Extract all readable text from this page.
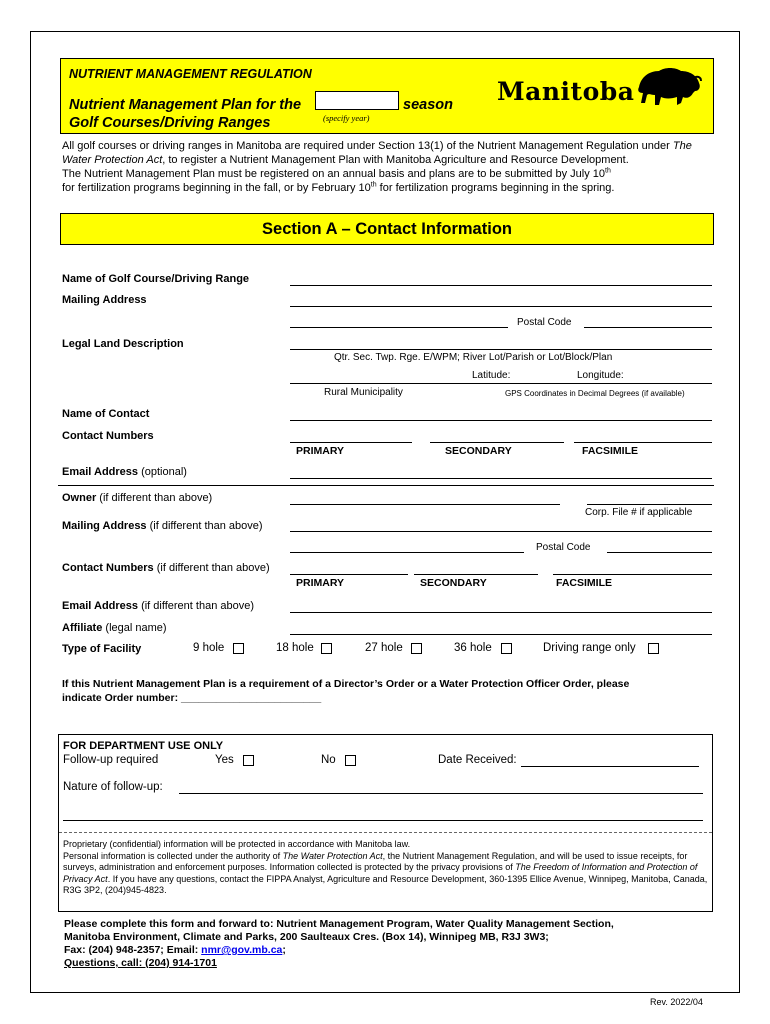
NUTRIENT MANAGEMENT REGULATION
Nutrient Management Plan for the	season
(specify year)
Golf Courses/Driving Ranges
Manitoba
All golf courses or driving ranges in Manitoba are required under Section 13(1) of the Nutrient Management Regulation under The Water Protection Act, to register a Nutrient Management Plan with Manitoba Agriculture and Resource Development.
The Nutrient Management Plan must be registered on an annual basis and plans are to be submitted by July 10th
for fertilization programs beginning in the fall, or by February 10th for fertilization programs beginning in the spring.
Section A – Contact Information
Name of Golf Course/Driving Range
Mailing Address
Postal Code
Legal Land Description
Qtr. Sec. Twp. Rge. E/WPM; River Lot/Parish or Lot/Block/Plan
Latitude:	Longitude:
Rural Municipality	GPS Coordinates in Decimal Degrees (if available)
Name of Contact
Contact Numbers
PRIMARY	SECONDARY	FACSIMILE
Email Address (optional)
Owner (if different than above)
Corp. File # if applicable
Mailing Address (if different than above)
Postal Code
Contact Numbers (if different than above)
PRIMARY	SECONDARY	FACSIMILE
Email Address (if different than above)
Affiliate (legal name)
Type of Facility	9 hole	18 hole	27 hole	36 hole	Driving range only
If this Nutrient Management Plan is a requirement of a Director’s Order or a Water Protection Officer Order, please
indicate Order number: ________________________
FOR DEPARTMENT USE ONLY
Follow-up required	Yes	No	Date Received:
Nature of follow-up:
Proprietary (confidential) information will be protected in accordance with Manitoba law.
Personal information is collected under the authority of The Water Protection Act, the Nutrient Management Regulation, and will be used to issue receipts, for surveys, administration and enforcement purposes. Information collected is protected by the privacy provisions of The Freedom of Information and Protection of Privacy Act. If you have any questions, contact the FIPPA Analyst, Agriculture and Resource Development, 360-1395 Ellice Avenue, Winnipeg, Manitoba, Canada, R3G 3P2, (204)945-4823.
Please complete this form and forward to: Nutrient Management Program, Water Quality Management Section,
Manitoba Environment, Climate and Parks, 200 Saulteaux Cres. (Box 14), Winnipeg MB, R3J 3W3;
Fax: (204) 948-2357; Email: nmr@gov.mb.ca;
Questions, call: (204) 914-1701
Rev. 2022/04
